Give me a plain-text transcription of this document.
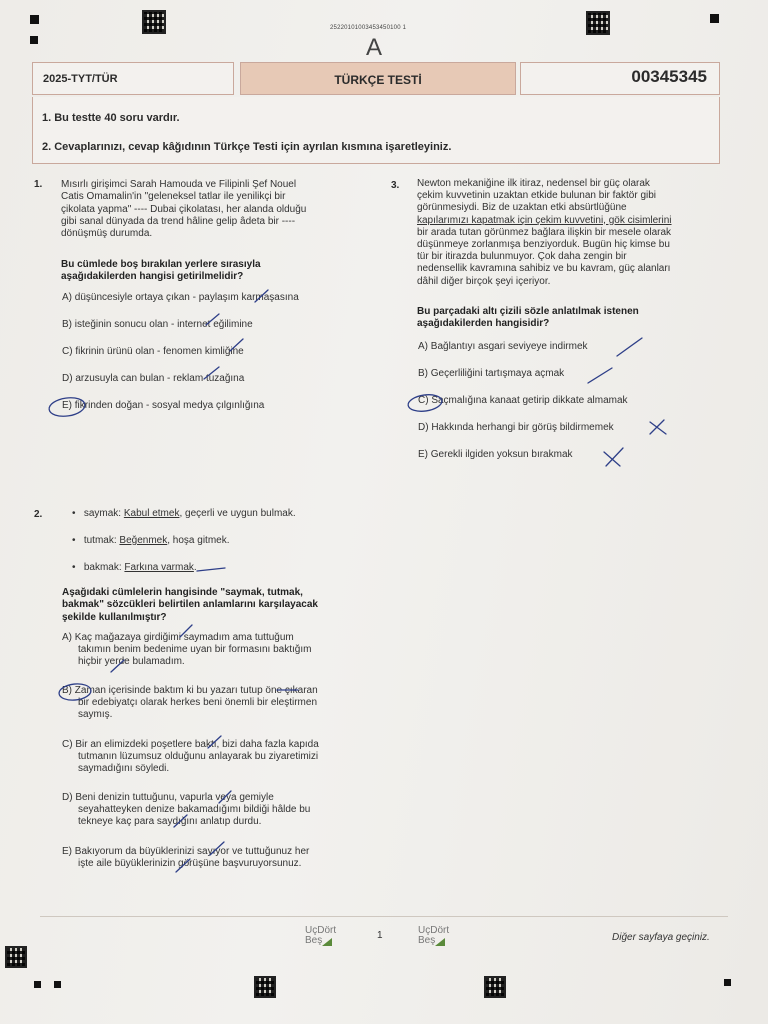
25220101003453450100 1
A
2025-TYT/TÜR	TÜRKÇE TESTİ	00345345
1. Bu testte 40 soru vardır.
2. Cevaplarınızı, cevap kâğıdının Türkçe Testi için ayrılan kısmına işaretleyiniz.
1. Mısırlı girişimci Sarah Hamouda ve Filipinli Şef Nouel
Catis Omamalin'in "geleneksel tatlar ile yenilikçi bir
çikolata yapma" ---- Dubai çikolatası, her alanda olduğu
gibi sanal dünyada da trend hâline gelip âdeta bir ----
dönüşmüş durumda.
Bu cümlede boş bırakılan yerlere sırasıyla
aşağıdakilerden hangisi getirilmelidir?
A) düşüncesiyle ortaya çıkan - paylaşım karmaşasına
B) isteğinin sonucu olan - internet eğilimine
C) fikrinin ürünü olan - fenomen kimliğine
D) arzusuyla can bulan - reklam tuzağına
E) fikrinden doğan - sosyal medya çılgınlığına
2.	•   saymak: Kabul etmek, geçerli ve uygun bulmak.
•   tutmak: Beğenmek, hoşa gitmek.
•   bakmak: Farkına varmak.
Aşağıdaki cümlelerin hangisinde "saymak, tutmak,
bakmak" sözcükleri belirtilen anlamlarını karşılayacak
şekilde kullanılmıştır?
A) Kaç mağazaya girdiğimi saymadım ama tuttuğum
takımın benim bedenime uyan bir formasını baktığım
hiçbir yerde bulamadım.
B) Zaman içerisinde baktım ki bu yazarı tutup öne çıkaran
bir edebiyatçı olarak herkes beni önemli bir eleştirmen
saymış.
C) Bir an elimizdeki poşetlere baktı, bizi daha fazla kapıda
tutmanın lüzumsuz olduğunu anlayarak bu ziyaretimizi
saymadığını söyledi.
D) Beni denizin tuttuğunu, vapurla veya gemiyle
seyahatteyken denize bakamadığımı bildiği hâlde bu
tekneye kaç para saydığını anlatıp durdu.
E) Bakıyorum da büyüklerinizi sayıyor ve tuttuğunuz her
işte aile büyüklerinizin görüşüne başvuruyorsunuz.
3. Newton mekaniğine ilk itiraz, nedensel bir güç olarak
çekim kuvvetinin uzaktan etkide bulunan bir faktör gibi
görünmesiydi. Biz de uzaktan etki absürtlüğüne
kapılarımızı kapatmak için çekim kuvvetini, gök cisimlerini
bir arada tutan görünmez bağlara ilişkin bir mesele olarak
düşünmeye zorlanmışa benziyorduk. Bugün hiç kimse bu
tür bir itirazda bulunmuyor. Çok daha zengin bir
nedensellik kavramına sahibiz ve bu kavram, güç alanları
dâhil diğer birçok şeyi içeriyor.
Bu parçadaki altı çizili sözle anlatılmak istenen
aşağıdakilerden hangisidir?
A) Bağlantıyı asgari seviyeye indirmek
B) Geçerliliğini tartışmaya açmak
C) Saçmalığına kanaat getirip dikkate almamak
D) Hakkında herhangi bir görüş bildirmemek
E) Gerekli ilgiden yoksun bırakmak
UçDört
Beş	1	UçDört
Beş	Diğer sayfaya geçiniz.
